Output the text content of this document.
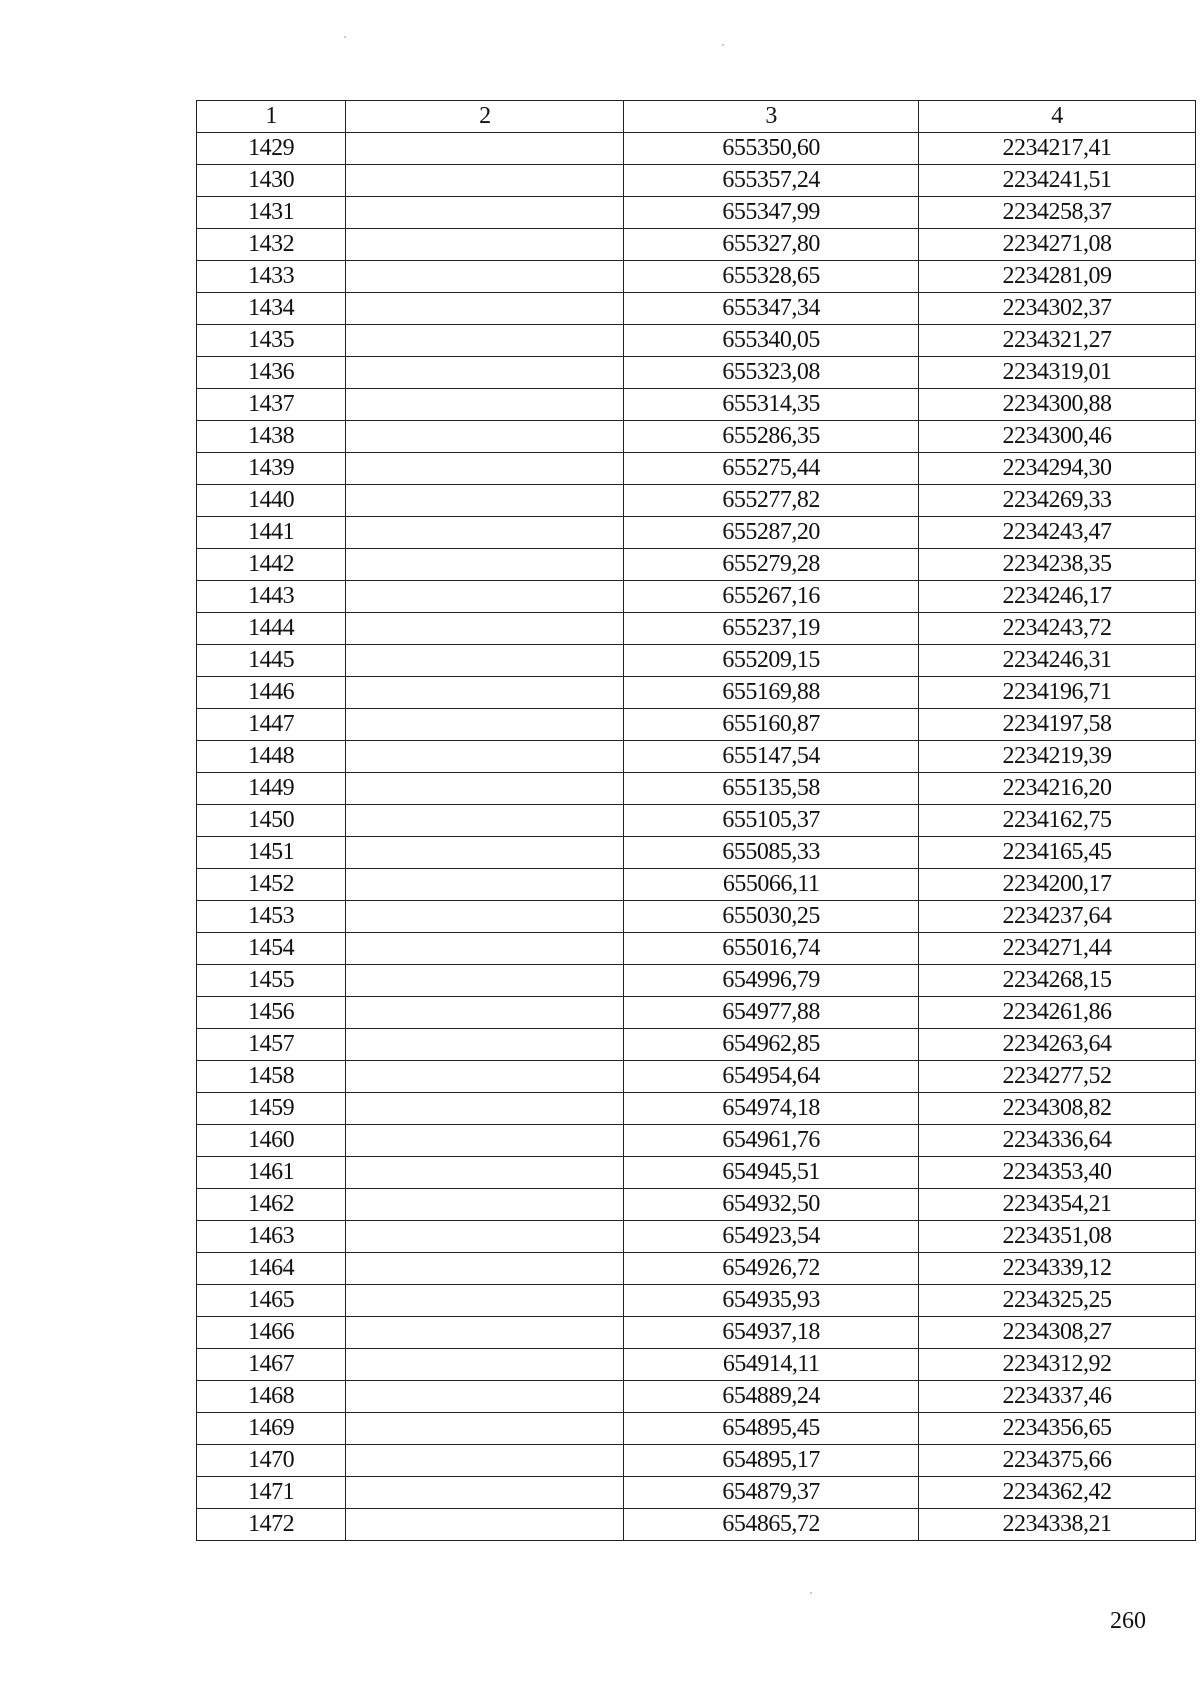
1	2	3	4
1429		655350,60	2234217,41
1430		655357,24	2234241,51
1431		655347,99	2234258,37
1432		655327,80	2234271,08
1433		655328,65	2234281,09
1434		655347,34	2234302,37
1435		655340,05	2234321,27
1436		655323,08	2234319,01
1437		655314,35	2234300,88
1438		655286,35	2234300,46
1439		655275,44	2234294,30
1440		655277,82	2234269,33
1441		655287,20	2234243,47
1442		655279,28	2234238,35
1443		655267,16	2234246,17
1444		655237,19	2234243,72
1445		655209,15	2234246,31
1446		655169,88	2234196,71
1447		655160,87	2234197,58
1448		655147,54	2234219,39
1449		655135,58	2234216,20
1450		655105,37	2234162,75
1451		655085,33	2234165,45
1452		655066,11	2234200,17
1453		655030,25	2234237,64
1454		655016,74	2234271,44
1455		654996,79	2234268,15
1456		654977,88	2234261,86
1457		654962,85	2234263,64
1458		654954,64	2234277,52
1459		654974,18	2234308,82
1460		654961,76	2234336,64
1461		654945,51	2234353,40
1462		654932,50	2234354,21
1463		654923,54	2234351,08
1464		654926,72	2234339,12
1465		654935,93	2234325,25
1466		654937,18	2234308,27
1467		654914,11	2234312,92
1468		654889,24	2234337,46
1469		654895,45	2234356,65
1470		654895,17	2234375,66
1471		654879,37	2234362,42
1472		654865,72	2234338,21
260
